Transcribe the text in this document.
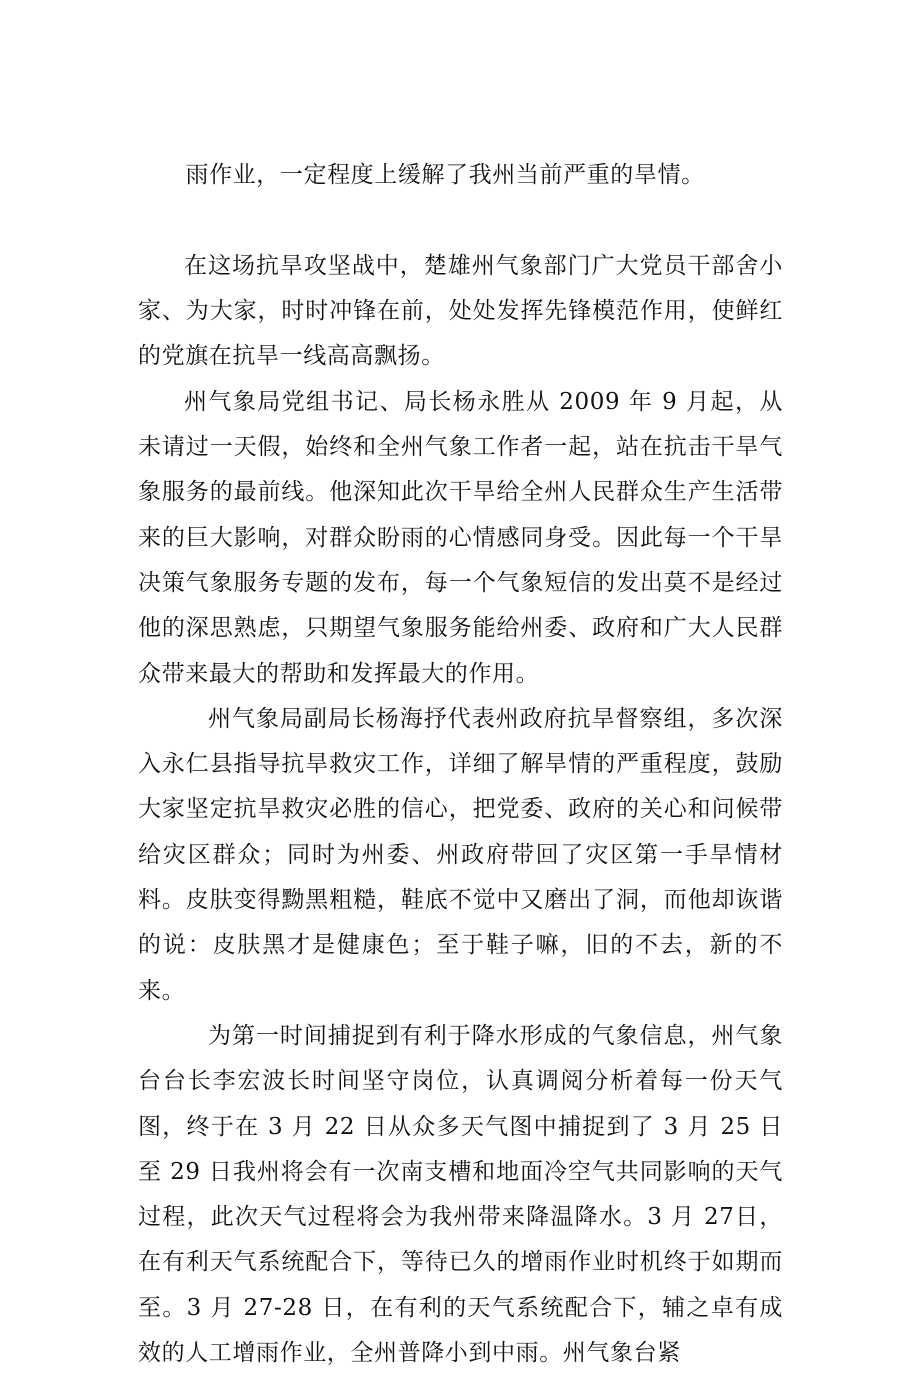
雨作业，一定程度上缓解了我州当前严重的旱情。

在这场抗旱攻坚战中，楚雄州气象部门广大党员干部舍小家、为大家，时时冲锋在前，处处发挥先锋模范作用，使鲜红的党旗在抗旱一线高高飘扬。

州气象局党组书记、局长杨永胜从 2009 年 9 月起，从未请过一天假，始终和全州气象工作者一起，站在抗击干旱气象服务的最前线。他深知此次干旱给全州人民群众生产生活带来的巨大影响，对群众盼雨的心情感同身受。因此每一个干旱决策气象服务专题的发布，每一个气象短信的发出莫不是经过他的深思熟虑，只期望气象服务能给州委、政府和广大人民群众带来最大的帮助和发挥最大的作用。

州气象局副局长杨海抒代表州政府抗旱督察组，多次深入永仁县指导抗旱救灾工作，详细了解旱情的严重程度，鼓励大家坚定抗旱救灾必胜的信心，把党委、政府的关心和问候带给灾区群众；同时为州委、州政府带回了灾区第一手旱情材料。皮肤变得黝黑粗糙，鞋底不觉中又磨出了洞，而他却诙谐的说：皮肤黑才是健康色；至于鞋子嘛，旧的不去，新的不来。

为第一时间捕捉到有利于降水形成的气象信息，州气象台台长李宏波长时间坚守岗位，认真调阅分析着每一份天气图，终于在 3 月 22 日从众多天气图中捕捉到了 3 月 25 日至 29 日我州将会有一次南支槽和地面冷空气共同影响的天气过程，此次天气过程将会为我州带来降温降水。3 月 27日，在有利天气系统配合下，等待已久的增雨作业时机终于如期而至。3 月 27-28 日，在有利的天气系统配合下，辅之卓有成效的人工增雨作业，全州普降小到中雨。州气象台紧
